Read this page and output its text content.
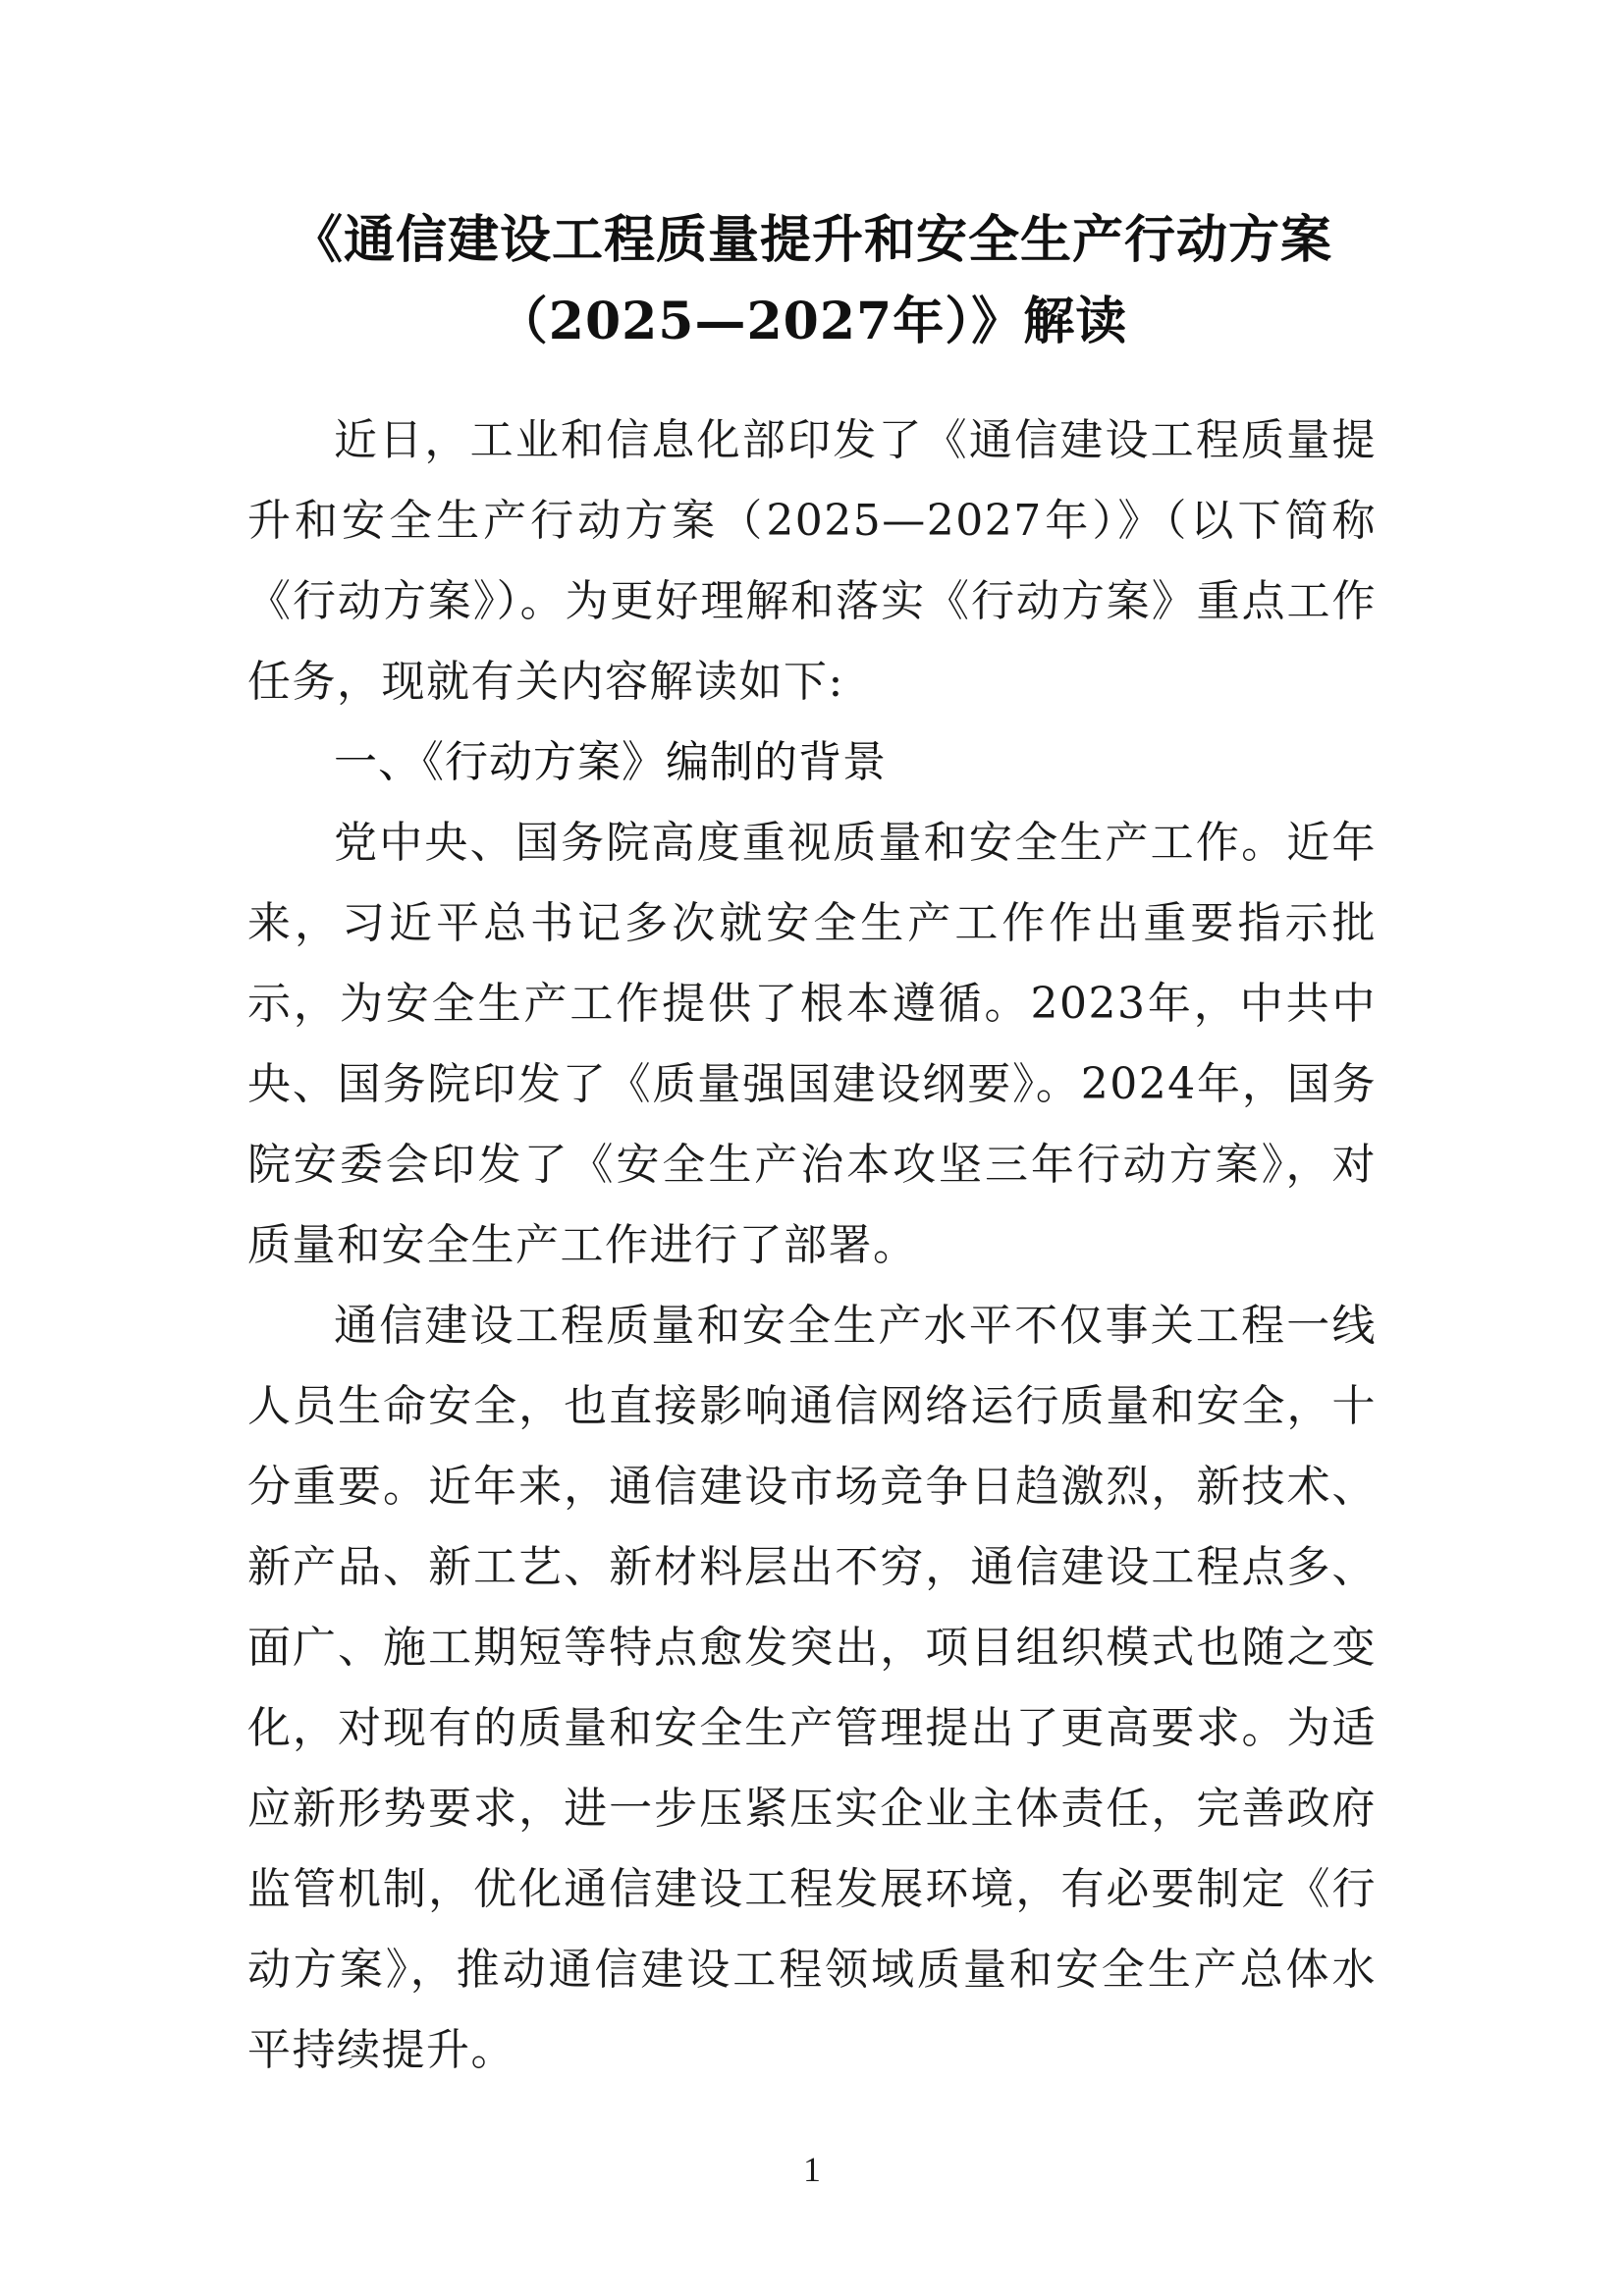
《通信建设工程质量提升和安全生产行动方案
（2025—2027年）》解读

近日，工业和信息化部印发了《通信建设工程质量提升和安全生产行动方案（2025—2027年）》（以下简称《行动方案》）。为更好理解和落实《行动方案》重点工作任务，现就有关内容解读如下:

一、《行动方案》编制的背景

党中央、国务院高度重视质量和安全生产工作。近年来，习近平总书记多次就安全生产工作作出重要指示批示，为安全生产工作提供了根本遵循。2023年，中共中央、国务院印发了《质量强国建设纲要》。2024年，国务院安委会印发了《安全生产治本攻坚三年行动方案》，对质量和安全生产工作进行了部署。

通信建设工程质量和安全生产水平不仅事关工程一线人员生命安全，也直接影响通信网络运行质量和安全，十分重要。近年来，通信建设市场竞争日趋激烈，新技术、新产品、新工艺、新材料层出不穷，通信建设工程点多、面广、施工期短等特点愈发突出，项目组织模式也随之变化，对现有的质量和安全生产管理提出了更高要求。为适应新形势要求，进一步压紧压实企业主体责任，完善政府监管机制，优化通信建设工程发展环境，有必要制定《行动方案》，推动通信建设工程领域质量和安全生产总体水平持续提升。

1
